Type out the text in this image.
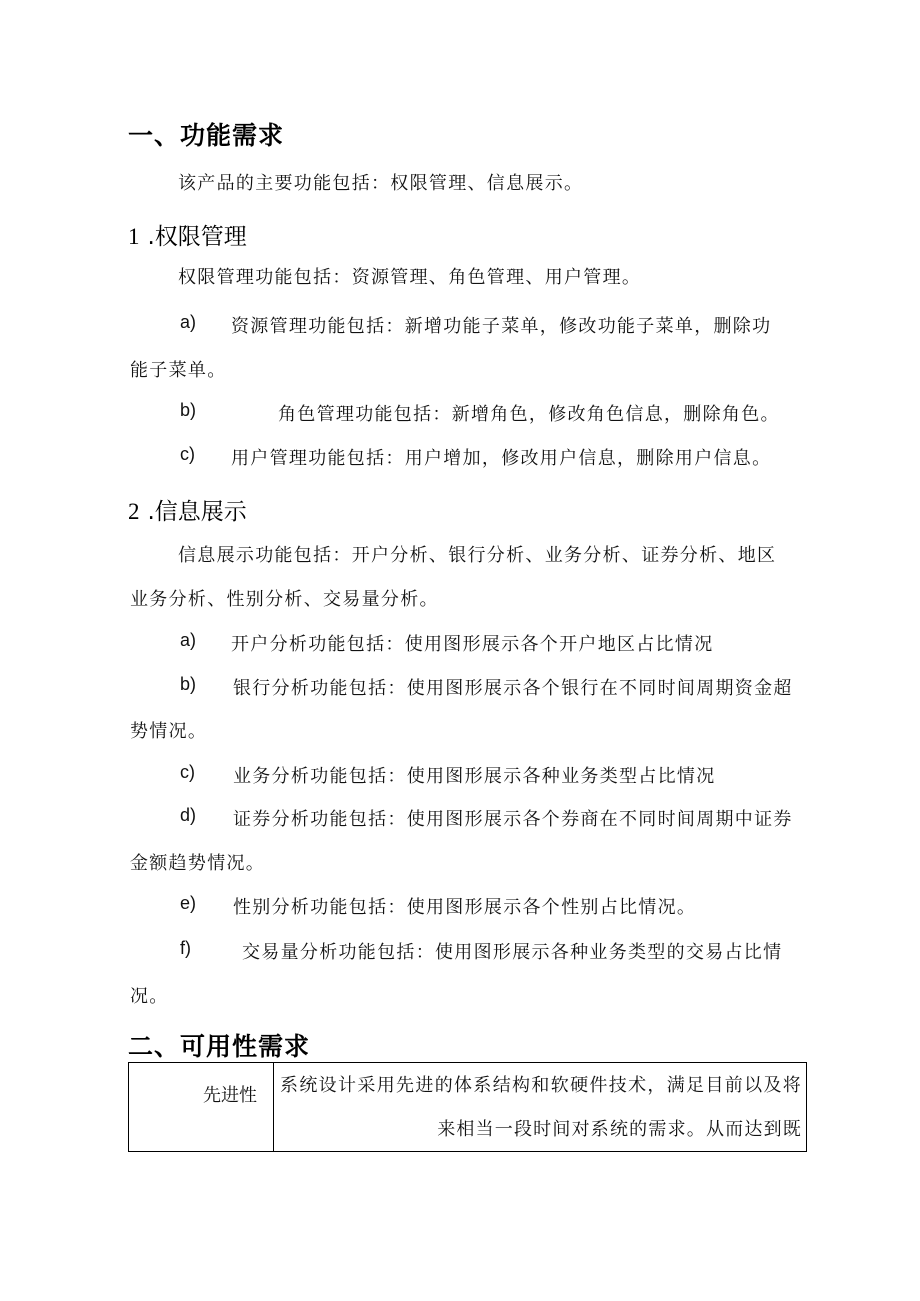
一、功能需求
该产品的主要功能包括：权限管理、信息展示。
1 .权限管理
权限管理功能包括：资源管理、角色管理、用户管理。
a) 资源管理功能包括：新增功能子菜单，修改功能子菜单，删除功
能子菜单。
b)	角色管理功能包括：新增角色，修改角色信息，删除角色。
c) 用户管理功能包括：用户增加，修改用户信息，删除用户信息。
2 .信息展示
信息展示功能包括：开户分析、银行分析、业务分析、证券分析、地区
业务分析、性别分析、交易量分析。
a) 开户分析功能包括：使用图形展示各个开户地区占比情况
b) 银行分析功能包括：使用图形展示各个银行在不同时间周期资金超
势情况。
c) 业务分析功能包括：使用图形展示各种业务类型占比情况
d) 证券分析功能包括：使用图形展示各个券商在不同时间周期中证券
金额趋势情况。
e) 性别分析功能包括：使用图形展示各个性别占比情况。
f)	交易量分析功能包括：使用图形展示各种业务类型的交易占比情
况。
二、可用性需求
先进性	系统设计采用先进的体系结构和软硬件技术，满足目前以及将
来相当一段时间对系统的需求。从而达到既
